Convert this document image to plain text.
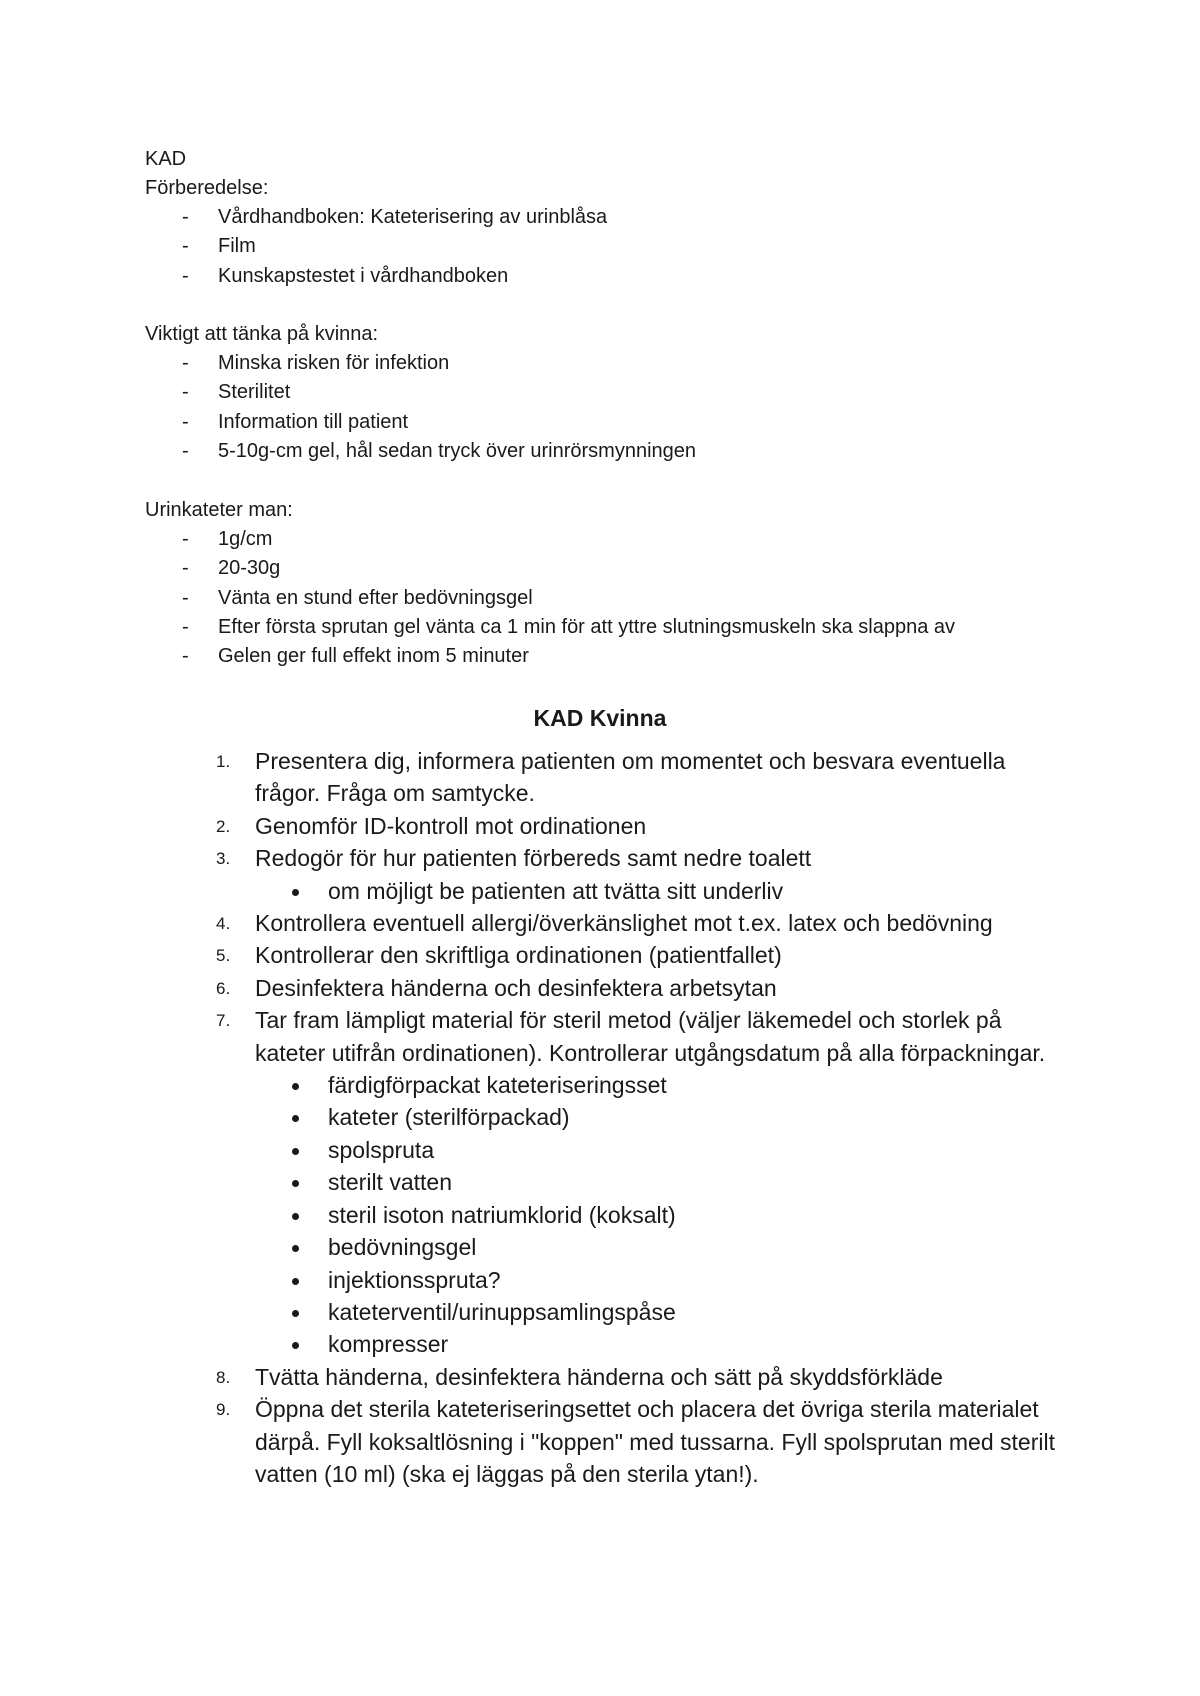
KAD

Förberedelse:

- Vårdhandboken: Kateterisering av urinblåsa
- Film
- Kunskapstestet i vårdhandboken

Viktigt att tänka på kvinna:

- Minska risken för infektion
- Sterilitet
- Information till patient
- 5-10g-cm gel, hål sedan tryck över urinrörsmynningen

Urinkateter man:

- 1g/cm
- 20-30g
- Vänta en stund efter bedövningsgel
- Efter första sprutan gel vänta ca 1 min för att yttre slutningsmuskeln ska slappna av
- Gelen ger full effekt inom 5 minuter
KAD Kvinna
1. Presentera dig, informera patienten om momentet och besvara eventuella frågor. Fråga om samtycke.
2. Genomför ID-kontroll mot ordinationen
3. Redogör för hur patienten förbereds samt nedre toalett
om möjligt be patienten att tvätta sitt underliv
4. Kontrollera eventuell allergi/överkänslighet mot t.ex. latex och bedövning
5. Kontrollerar den skriftliga ordinationen (patientfallet)
6. Desinfektera händerna och desinfektera arbetsytan
7. Tar fram lämpligt material för steril metod (väljer läkemedel och storlek på kateter utifrån ordinationen). Kontrollerar utgångsdatum på alla förpackningar.
färdigförpackat kateteriseringsset
kateter (sterilförpackad)
spolspruta
sterilt vatten
steril isoton natriumklorid (koksalt)
bedövningsgel
injektionsspruta?
kateterventil/urinuppsamlingspåse
kompresser
8. Tvätta händerna, desinfektera händerna och sätt på skyddsförkläde
9. Öppna det sterila kateteriseringsettet och placera det övriga sterila materialet därpå. Fyll koksaltlösning i "koppen" med tussarna. Fyll spolsprutan med sterilt vatten (10 ml) (ska ej läggas på den sterila ytan!).
